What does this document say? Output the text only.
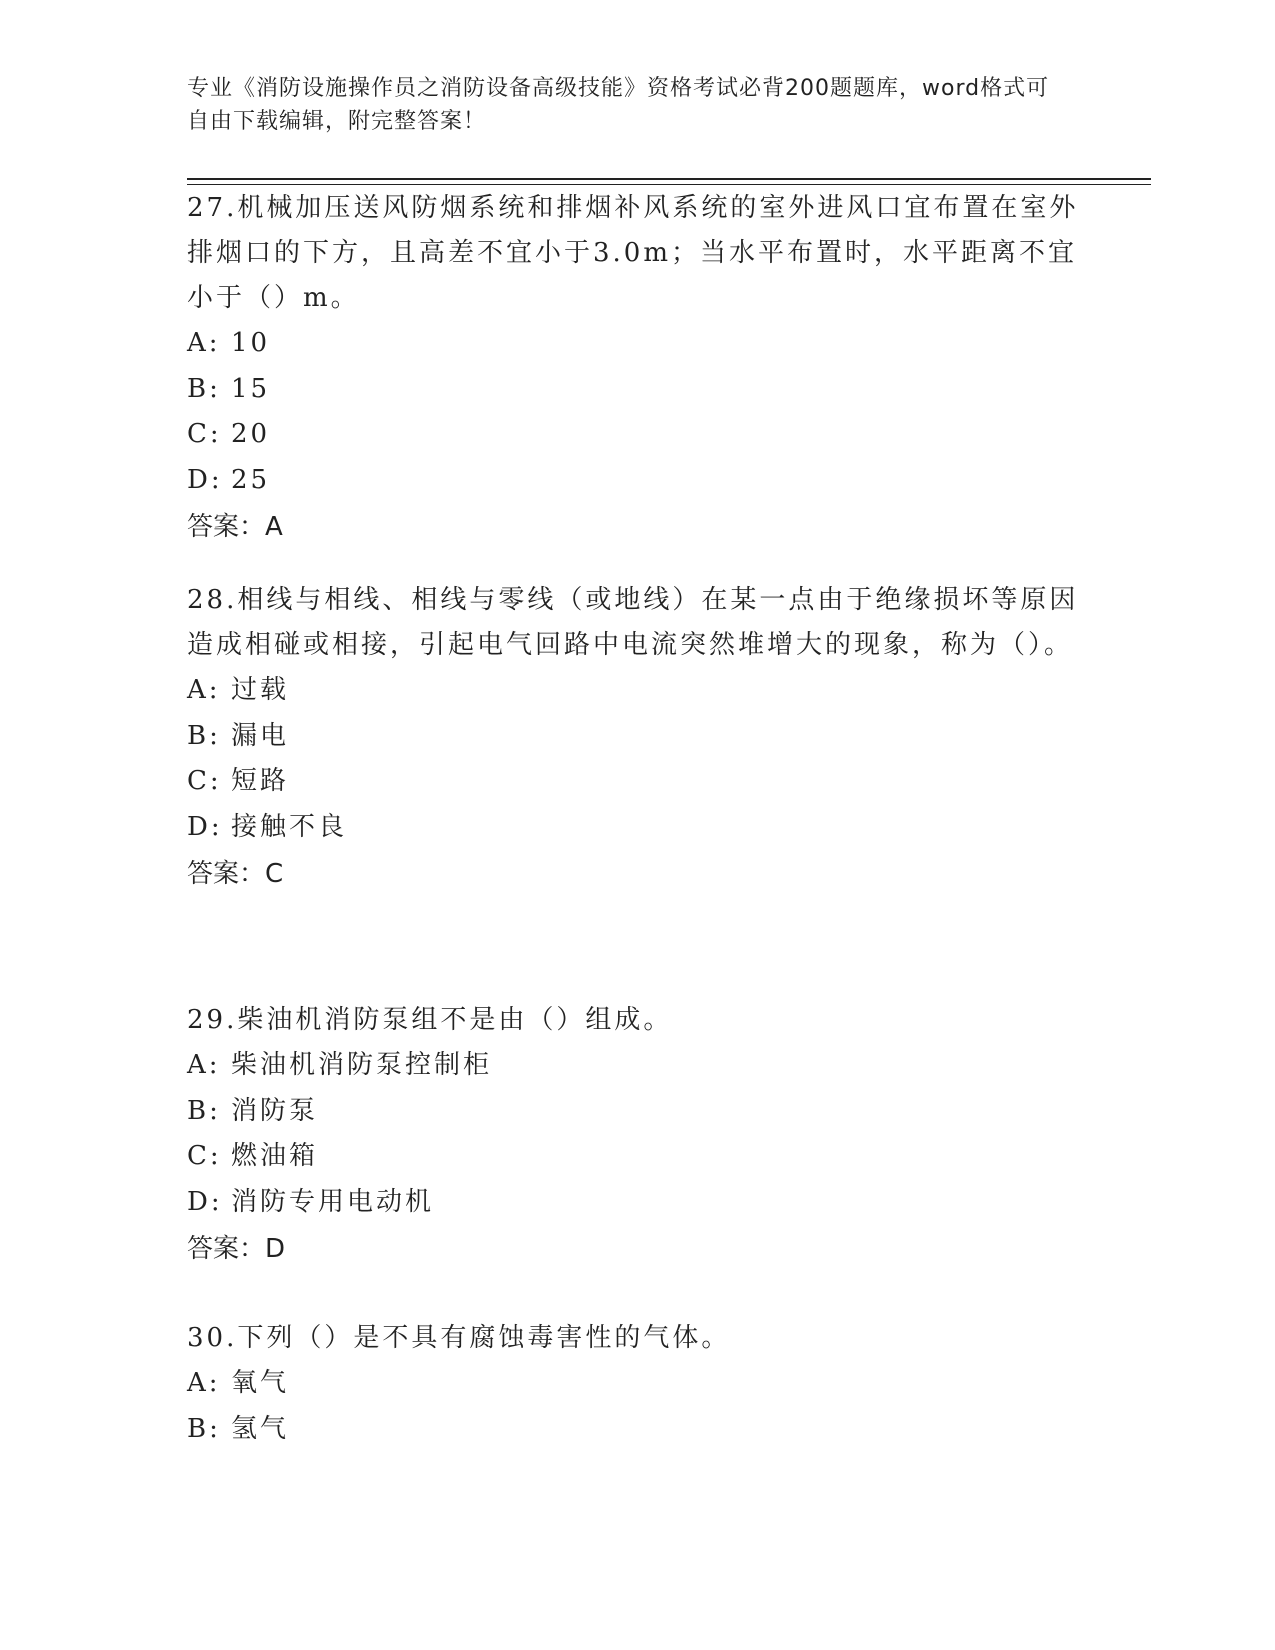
专业《消防设施操作员之消防设备高级技能》资格考试必背200题题库，word格式可自由下载编辑，附完整答案！
27.机械加压送风防烟系统和排烟补风系统的室外进风口宜布置在室外排烟口的下方，且高差不宜小于3.0m；当水平布置时，水平距离不宜小于（）m。
A: 10
B: 15
C: 20
D: 25
答案：A
28.相线与相线、相线与零线（或地线）在某一点由于绝缘损坏等原因造成相碰或相接，引起电气回路中电流突然堆增大的现象，称为（）。
A: 过载
B: 漏电
C: 短路
D: 接触不良
答案：C
29.柴油机消防泵组不是由（）组成。
A: 柴油机消防泵控制柜
B: 消防泵
C: 燃油箱
D: 消防专用电动机
答案：D
30.下列（）是不具有腐蚀毒害性的气体。
A: 氧气
B: 氢气
